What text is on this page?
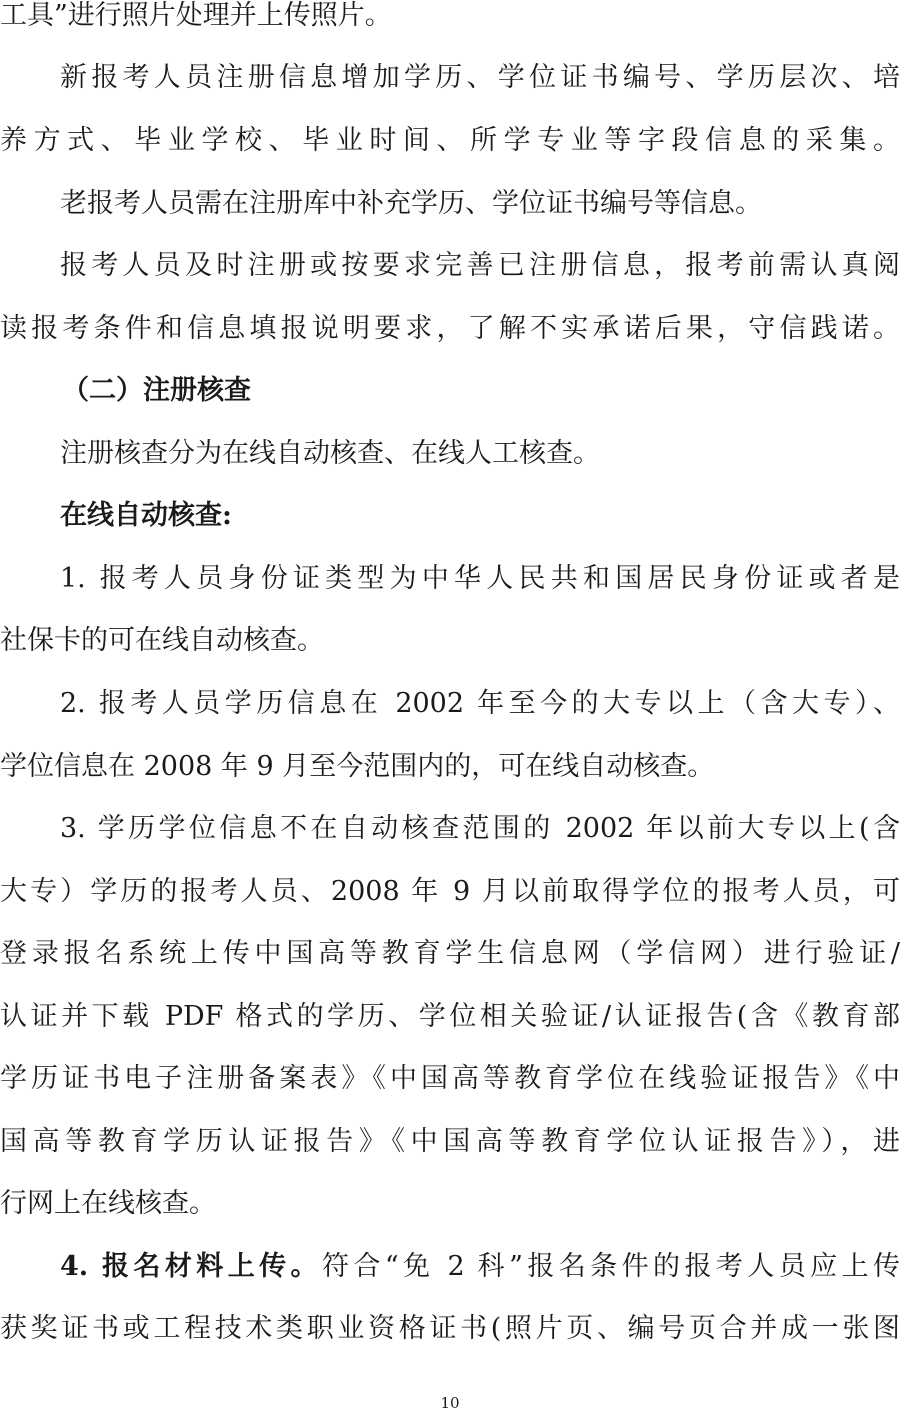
工具”进行照片处理并上传照片。
新报考人员注册信息增加学历、学位证书编号、学历层次、培
养方式、毕业学校、毕业时间、所学专业等字段信息的采集。
老报考人员需在注册库中补充学历、学位证书编号等信息。
报考人员及时注册或按要求完善已注册信息，报考前需认真阅
读报考条件和信息填报说明要求，了解不实承诺后果，守信践诺。
（二）注册核查
注册核查分为在线自动核查、在线人工核查。
在线自动核查:
1. 报考人员身份证类型为中华人民共和国居民身份证或者是
社保卡的可在线自动核查。
2. 报考人员学历信息在 2002 年至今的大专以上（含大专）、
学位信息在 2008 年 9 月至今范围内的，可在线自动核查。
3. 学历学位信息不在自动核查范围的 2002 年以前大专以上(含
大专）学历的报考人员、2008 年 9 月以前取得学位的报考人员，可
登录报名系统上传中国高等教育学生信息网（学信网）进行验证/
认证并下载 PDF 格式的学历、学位相关验证/认证报告(含《教育部
学历证书电子注册备案表》《中国高等教育学位在线验证报告》《中
国高等教育学历认证报告》《中国高等教育学位认证报告》），进
行网上在线核查。
4. 报名材料上传。符合“免 2 科”报名条件的报考人员应上传
获奖证书或工程技术类职业资格证书(照片页、编号页合并成一张图
10
